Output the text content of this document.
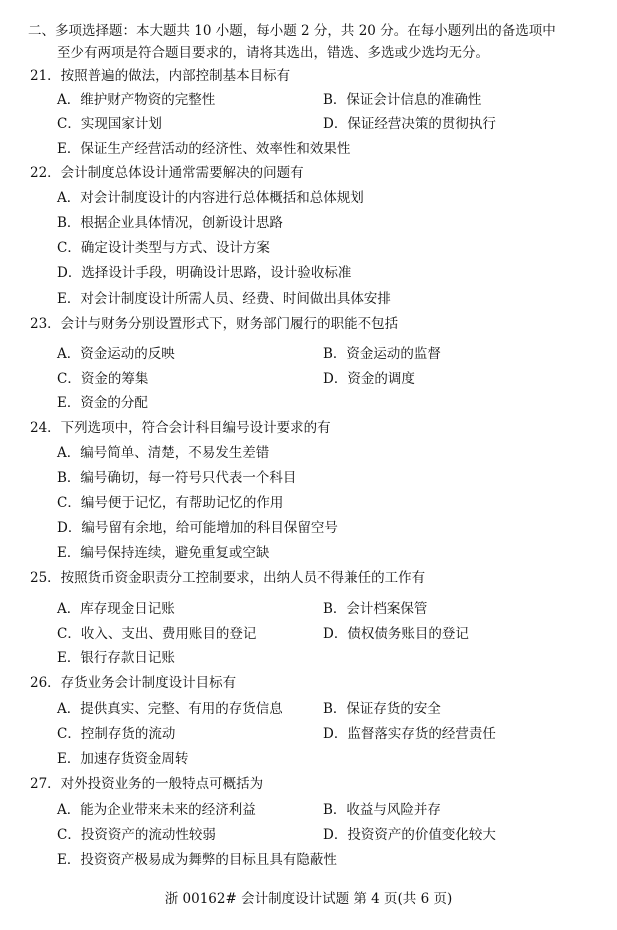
二、多项选择题：本大题共 10 小题，每小题 2 分，共 20 分。在每小题列出的备选项中
至少有两项是符合题目要求的，请将其选出，错选、多选或少选均无分。
21．按照普遍的做法，内部控制基本目标有
A．维护财产物资的完整性	B．保证会计信息的准确性
C．实现国家计划	D．保证经营决策的贯彻执行
E．保证生产经营活动的经济性、效率性和效果性
22．会计制度总体设计通常需要解决的问题有
A．对会计制度设计的内容进行总体概括和总体规划
B．根据企业具体情况，创新设计思路
C．确定设计类型与方式、设计方案
D．选择设计手段，明确设计思路，设计验收标准
E．对会计制度设计所需人员、经费、时间做出具体安排
23．会计与财务分别设置形式下，财务部门履行的职能不包括
A．资金运动的反映	B．资金运动的监督
C．资金的筹集	D．资金的调度
E．资金的分配
24．下列选项中，符合会计科目编号设计要求的有
A．编号简单、清楚，不易发生差错
B．编号确切，每一符号只代表一个科目
C．编号便于记忆，有帮助记忆的作用
D．编号留有余地，给可能增加的科目保留空号
E．编号保持连续，避免重复或空缺
25．按照货币资金职责分工控制要求，出纳人员不得兼任的工作有
A．库存现金日记账	B．会计档案保管
C．收入、支出、费用账目的登记	D．债权债务账目的登记
E．银行存款日记账
26．存货业务会计制度设计目标有
A．提供真实、完整、有用的存货信息	B．保证存货的安全
C．控制存货的流动	D．监督落实存货的经营责任
E．加速存货资金周转
27．对外投资业务的一般特点可概括为
A．能为企业带来未来的经济利益	B．收益与风险并存
C．投资资产的流动性较弱	D．投资资产的价值变化较大
E．投资资产极易成为舞弊的目标且具有隐蔽性
浙 00162# 会计制度设计试题 第 4 页(共 6 页)
